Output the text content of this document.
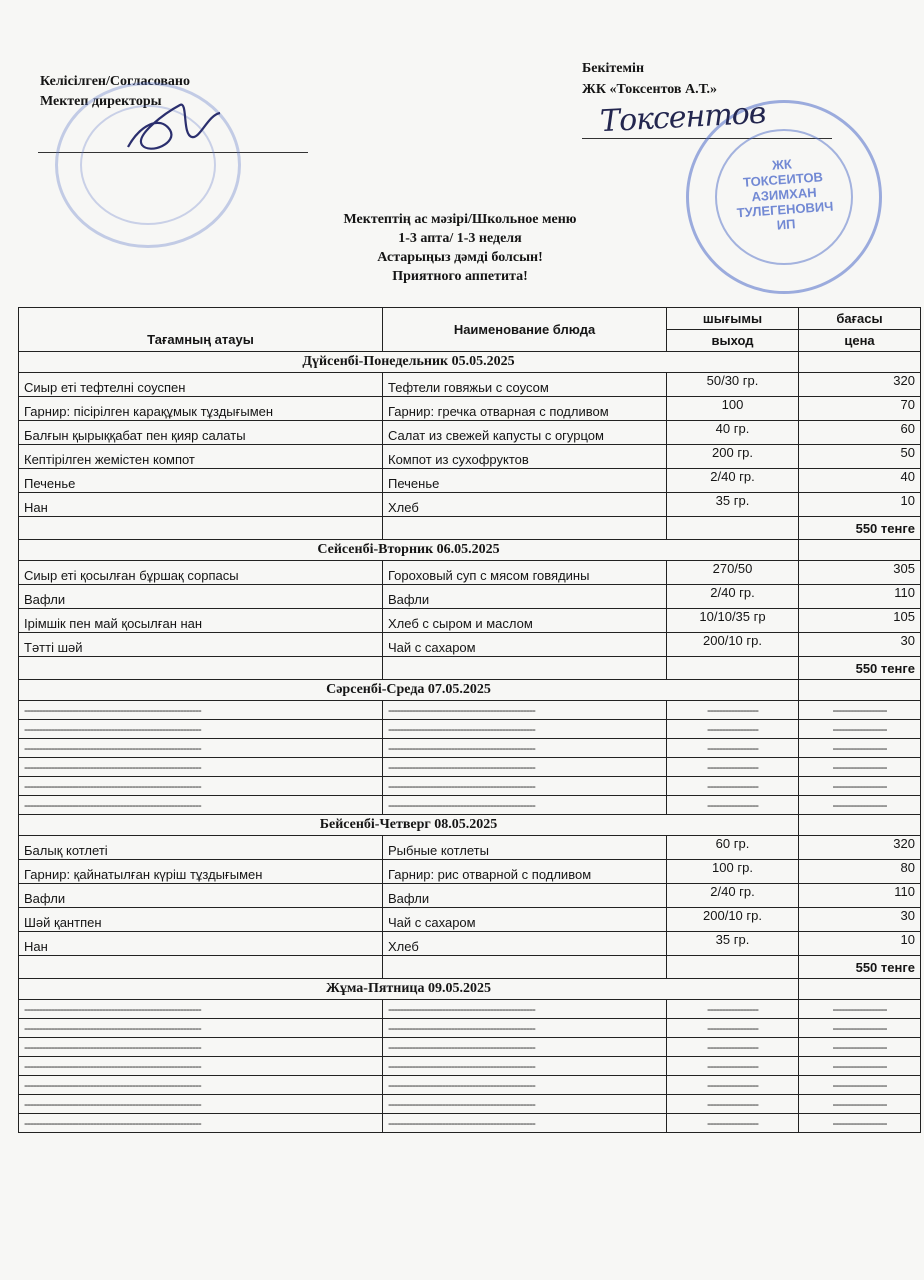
Келісілген/Согласовано
Мектеп директоры
Бекітемін
ЖК «Токсентов А.Т.»
ЖК
ТОКСЕИТОВ
АЗИМХАН
ТУЛЕГЕНОВИЧ
ИП
Токсентов
Мектептің ас мәзірі/Школьное меню
1-3 апта/ 1-3 неделя
Астарыңыз дәмді болсын!
Приятного аппетита!
Тағамның атауы	Наименование блюда	шығымы	бағасы
		выход	цена
Дүйсенбі-Понедельник 05.05.2025			
Сиыр еті тефтелні соуспен	Тефтели говяжьи с соусом	50/30 гр.	320
Гарнир: пісірілген карақұмык тұздығымен	Гарнир: гречка отварная с подливом	100	70
Балғын қырыққабат пен қияр салаты	Салат из свежей капусты с огурцом	40 гр.	60
Кептірілген жемістен компот	Компот из сухофруктов	200 гр.	50
Печенье	Печенье	2/40 гр.	40
Нан	Хлеб	35 гр.	10
			550 тенге
Сейсенбі-Вторник 06.05.2025			
Сиыр еті қосылған бұршақ сорпасы	Гороховый суп с мясом говядины	270/50	305
Вафли	Вафли	2/40 гр.	110
Ірімшік пен май қосылған нан	Хлеб с сыром и маслом	10/10/35 гр	105
Тәтті шәй	Чай с сахаром	200/10 гр.	30
			550 тенге
Сәрсенбі-Среда 07.05.2025			
-----------------------------------------------------------	-------------------------------------------------	-----------------	------------------
-----------------------------------------------------------	-------------------------------------------------	-----------------	------------------
-----------------------------------------------------------	-------------------------------------------------	-----------------	------------------
-----------------------------------------------------------	-------------------------------------------------	-----------------	------------------
-----------------------------------------------------------	-------------------------------------------------	-----------------	------------------
-----------------------------------------------------------	-------------------------------------------------	-----------------	------------------
Бейсенбі-Четверг 08.05.2025			
Балық котлеті	Рыбные котлеты	60 гр.	320
Гарнир: қайнатылған күріш тұздығымен	Гарнир: рис отварной с подливом	100 гр.	80
Вафли	Вафли	2/40 гр.	110
Шәй қантпен	Чай с сахаром	200/10 гр.	30
Нан	Хлеб	35 гр.	10
			550 тенге
Жұма-Пятница 09.05.2025			
-----------------------------------------------------------	-------------------------------------------------	-----------------	------------------
-----------------------------------------------------------	-------------------------------------------------	-----------------	------------------
-----------------------------------------------------------	-------------------------------------------------	-----------------	------------------
-----------------------------------------------------------	-------------------------------------------------	-----------------	------------------
-----------------------------------------------------------	-------------------------------------------------	-----------------	------------------
-----------------------------------------------------------	-------------------------------------------------	-----------------	------------------
-----------------------------------------------------------	-------------------------------------------------	-----------------	------------------
